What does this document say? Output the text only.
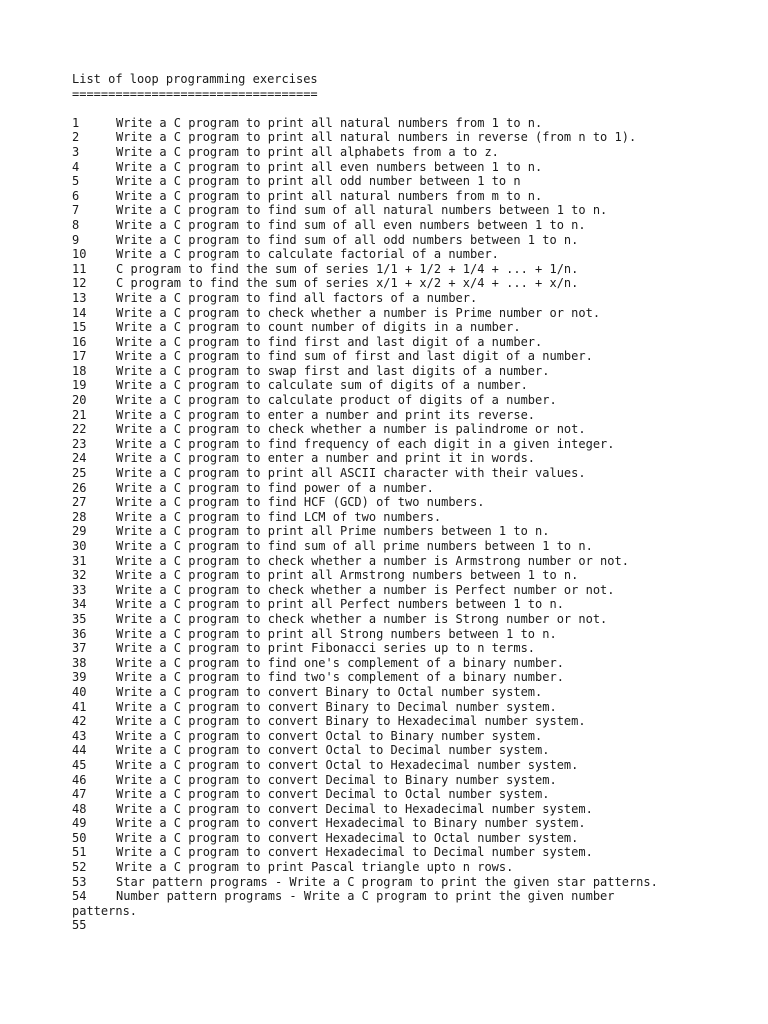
List of loop programming exercises
==================================
1	Write a C program to print all natural numbers from 1 to n.
2	Write a C program to print all natural numbers in reverse (from n to 1).
3	Write a C program to print all alphabets from a to z.
4	Write a C program to print all even numbers between 1 to n.
5	Write a C program to print all odd number between 1 to n
6	Write a C program to print all natural numbers from m to n.
7	Write a C program to find sum of all natural numbers between 1 to n.
8	Write a C program to find sum of all even numbers between 1 to n.
9	Write a C program to find sum of all odd numbers between 1 to n.
10	Write a C program to calculate factorial of a number.
11	C program to find the sum of series 1/1 + 1/2 + 1/4 + ... + 1/n.
12	C program to find the sum of series x/1 + x/2 + x/4 + ... + x/n.
13	Write a C program to find all factors of a number.
14	Write a C program to check whether a number is Prime number or not.
15	Write a C program to count number of digits in a number.
16	Write a C program to find first and last digit of a number.
17	Write a C program to find sum of first and last digit of a number.
18	Write a C program to swap first and last digits of a number.
19	Write a C program to calculate sum of digits of a number.
20	Write a C program to calculate product of digits of a number.
21	Write a C program to enter a number and print its reverse.
22	Write a C program to check whether a number is palindrome or not.
23	Write a C program to find frequency of each digit in a given integer.
24	Write a C program to enter a number and print it in words.
25	Write a C program to print all ASCII character with their values.
26	Write a C program to find power of a number.
27	Write a C program to find HCF (GCD) of two numbers.
28	Write a C program to find LCM of two numbers.
29	Write a C program to print all Prime numbers between 1 to n.
30	Write a C program to find sum of all prime numbers between 1 to n.
31	Write a C program to check whether a number is Armstrong number or not.
32	Write a C program to print all Armstrong numbers between 1 to n.
33	Write a C program to check whether a number is Perfect number or not.
34	Write a C program to print all Perfect numbers between 1 to n.
35	Write a C program to check whether a number is Strong number or not.
36	Write a C program to print all Strong numbers between 1 to n.
37	Write a C program to print Fibonacci series up to n terms.
38	Write a C program to find one's complement of a binary number.
39	Write a C program to find two's complement of a binary number.
40	Write a C program to convert Binary to Octal number system.
41	Write a C program to convert Binary to Decimal number system.
42	Write a C program to convert Binary to Hexadecimal number system.
43	Write a C program to convert Octal to Binary number system.
44	Write a C program to convert Octal to Decimal number system.
45	Write a C program to convert Octal to Hexadecimal number system.
46	Write a C program to convert Decimal to Binary number system.
47	Write a C program to convert Decimal to Octal number system.
48	Write a C program to convert Decimal to Hexadecimal number system.
49	Write a C program to convert Hexadecimal to Binary number system.
50	Write a C program to convert Hexadecimal to Octal number system.
51	Write a C program to convert Hexadecimal to Decimal number system.
52	Write a C program to print Pascal triangle upto n rows.
53	Star pattern programs - Write a C program to print the given star patterns.
54	Number pattern programs - Write a C program to print the given number
patterns.
55
